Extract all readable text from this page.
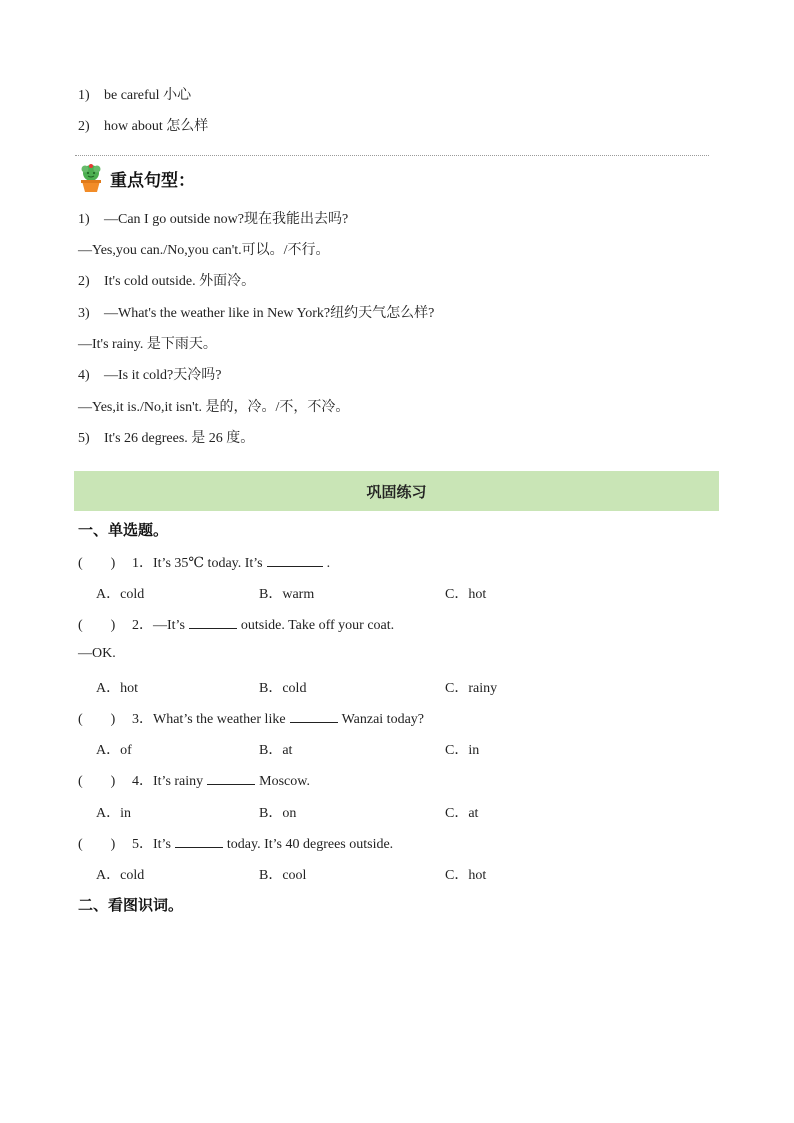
1) be careful 小心
2) how about 怎么样
重点句型：
1) —Can I go outside now?现在我能出去吗?
—Yes,you can./No,you can't.可以。/不行。
2) It's cold outside. 外面冷。
3) —What's the weather like in New York?纽约天气怎么样?
—It's rainy. 是下雨天。
4) —Is it cold?天冷吗?
—Yes,it is./No,it isn't. 是的，冷。/不，不冷。
5) It's 26 degrees. 是 26 度。
巩固练习
一、单选题。
(　　) 1．It’s 35℃ today. It’s	.
A．cold	B．warm	C．hot
(　　) 2．—It’s	outside. Take off your coat.
—OK.
A．hot	B．cold	C．rainy
(　　) 3．What’s the weather like	Wanzai today?
A．of	B．at	C．in
(　　) 4．It’s rainy	Moscow.
A．in	B．on	C．at
(　　) 5．It’s	today. It’s 40 degrees outside.
A．cold	B．cool	C．hot
二、看图识词。
